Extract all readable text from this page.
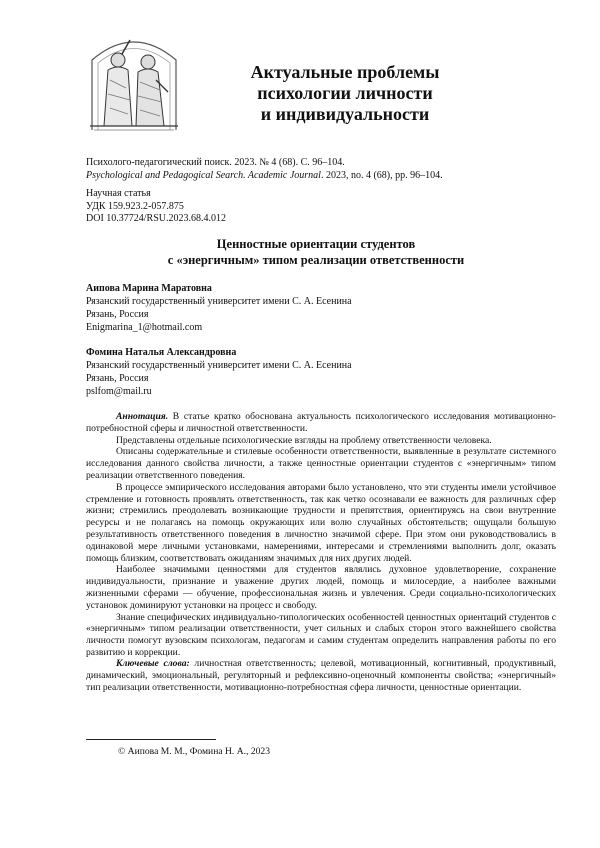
Актуальные проблемы
психологии личности
и индивидуальности
Психолого-педагогический поиск. 2023. № 4 (68). С. 96–104.
Psychological and Pedagogical Search. Academic Journal. 2023, no. 4 (68), pp. 96–104.
Научная статья
УДК 159.923.2-057.875
DOI 10.37724/RSU.2023.68.4.012
Ценностные ориентации студентов
с «энергичным» типом реализации ответственности
Аипова Марина Маратовна
Рязанский государственный университет имени С. А. Есенина
Рязань, Россия
Enigmarina_1@hotmail.com
Фомина Наталья Александровна
Рязанский государственный университет имени С. А. Есенина
Рязань, Россия
pslfom@mail.ru

Аннотация. В статье кратко обоснована актуальность психологического исследования мотивационно-потребностной сферы и личностной ответственности.

Представлены отдельные психологические взгляды на проблему ответственности человека.

Описаны содержательные и стилевые особенности ответственности, выявленные в результате системного исследования данного свойства личности, а также ценностные ориентации студентов с «энергичным» типом реализации ответственного поведения.

В процессе эмпирического исследования авторами было установлено, что эти студенты имели устойчивое стремление и готовность проявлять ответственность, так как четко осознавали ее важность для различных сфер жизни; стремились преодолевать возникающие трудности и препятствия, ориентируясь на свои внутренние ресурсы и не полагаясь на помощь окружающих или волю случайных обстоятельств; ощущали большую результативность ответственного поведения в личностно значимой сфере. При этом они руководствовались в одинаковой мере личными установками, намерениями, интересами и стремлениями выполнить долг, оказать помощь близким, соответствовать ожиданиям значимых для них других людей.

Наиболее значимыми ценностями для студентов являлись духовное удовлетворение, сохранение индивидуальности, признание и уважение других людей, помощь и милосердие, а наиболее важными жизненными сферами — обучение, профессиональная жизнь и увлечения. Среди социально-психологических установок доминируют установки на процесс и свободу.

Знание специфических индивидуально-типологических особенностей ценностных ориентаций студентов с «энергичным» типом реализации ответственности, учет сильных и слабых сторон этого важнейшего свойства личности помогут вузовским психологам, педагогам и самим студентам определить направления работы по его развитию и коррекции.

Ключевые слова: личностная ответственность; целевой, мотивационный, когнитивный, продуктивный, динамический, эмоциональный, регуляторный и рефлексивно-оценочный компоненты свойства; «энергичный» тип реализации ответственности, мотивационно-потребностная сфера личности, ценностные ориентации.
© Аипова М. М., Фомина Н. А., 2023
